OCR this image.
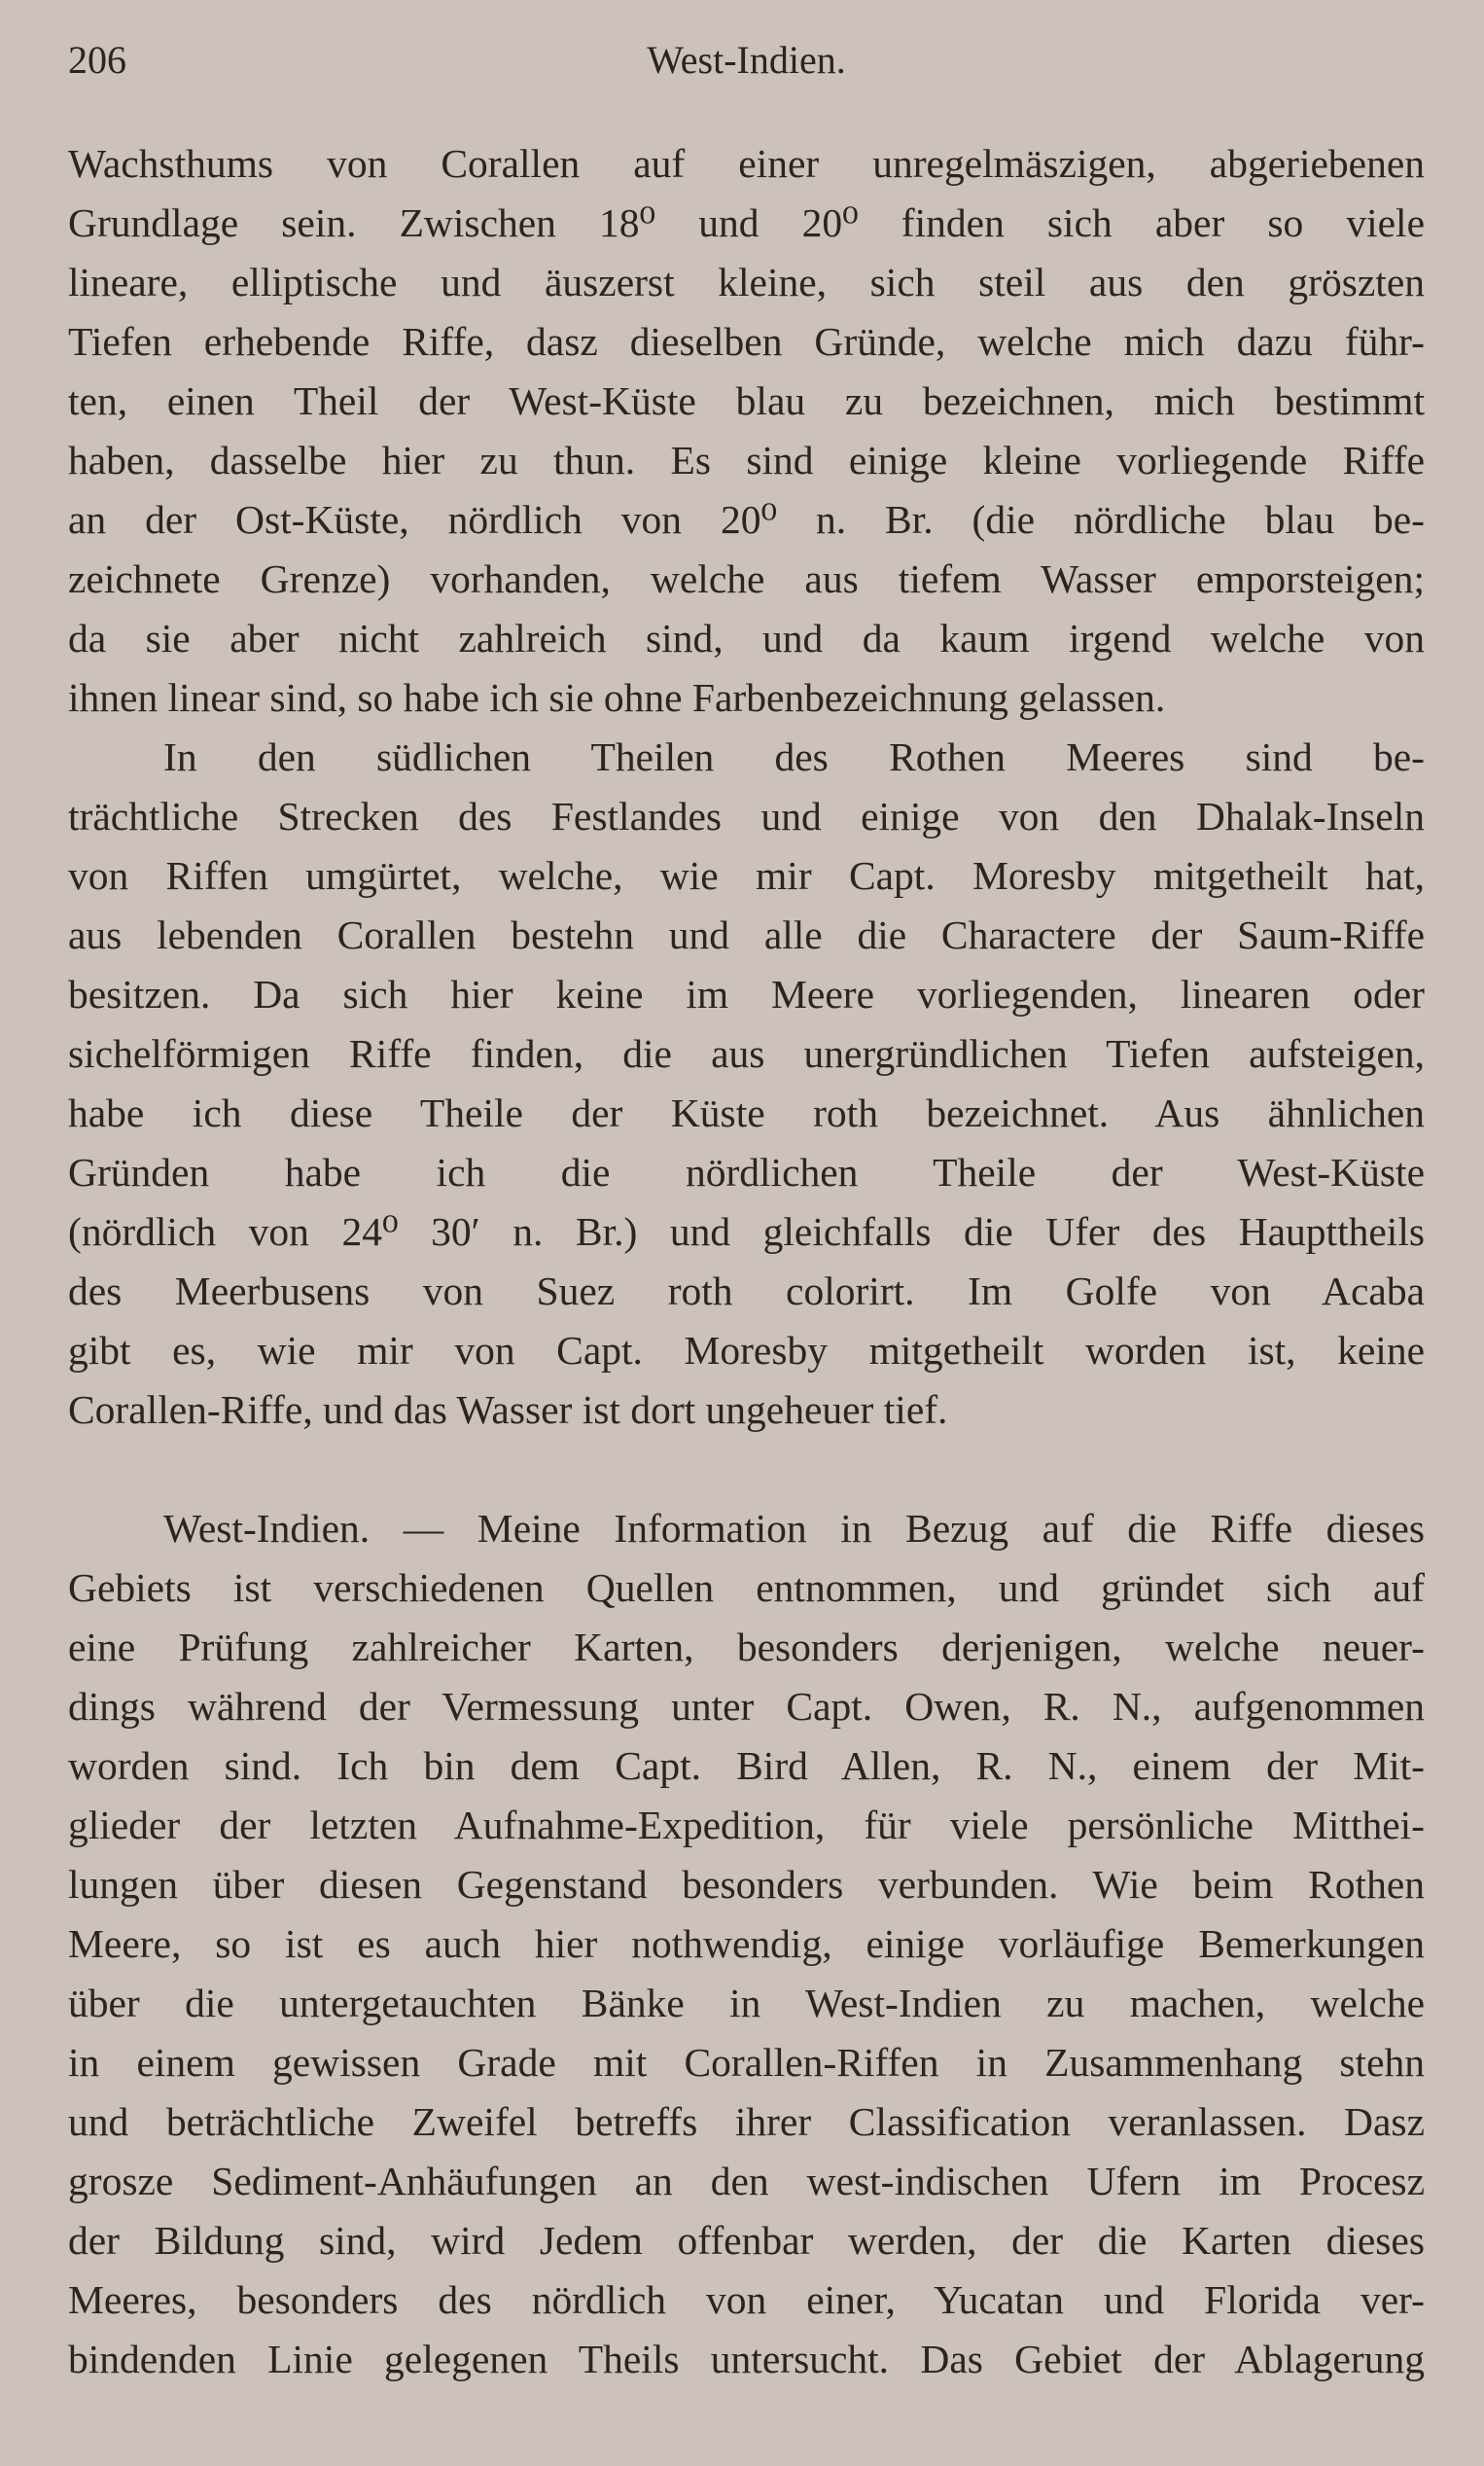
206	West-Indien.
Wachsthums von Corallen auf einer unregelmäszigen, abgeriebenen
Grundlage sein. Zwischen 18⁰ und 20⁰ finden sich aber so viele
lineare, elliptische und äuszerst kleine, sich steil aus den grӧszten
Tiefen erhebende Riffe, dasz dieselben Gründe, welche mich dazu führ-
ten, einen Theil der West-Küste blau zu bezeichnen, mich bestimmt
haben, dasselbe hier zu thun. Es sind einige kleine vorliegende Riffe
an der Ost-Küste, nördlich von 20⁰ n. Br. (die nördliche blau be-
zeichnete Grenze) vorhanden, welche aus tiefem Wasser emporsteigen;
da sie aber nicht zahlreich sind, und da kaum irgend welche von
ihnen linear sind, so habe ich sie ohne Farbenbezeichnung gelassen.
In den südlichen Theilen des Rothen Meeres sind be-
trächtliche Strecken des Festlandes und einige von den Dhalak-Inseln
von Riffen umgürtet, welche, wie mir Capt. Moresby mitgetheilt hat,
aus lebenden Corallen bestehn und alle die Charactere der Saum-Riffe
besitzen. Da sich hier keine im Meere vorliegenden, linearen oder
sichelförmigen Riffe finden, die aus unergründlichen Tiefen aufsteigen,
habe ich diese Theile der Küste roth bezeichnet. Aus ähnlichen
Gründen habe ich die nördlichen Theile der West-Küste
(nördlich von 24⁰ 30′ n. Br.) und gleichfalls die Ufer des Haupttheils
des Meerbusens von Suez roth colorirt. Im Golfe von Acaba
gibt es, wie mir von Capt. Moresby mitgetheilt worden ist, keine
Corallen-Riffe, und das Wasser ist dort ungeheuer tief.
West-Indien. — Meine Information in Bezug auf die Riffe dieses
Gebiets ist verschiedenen Quellen entnommen, und gründet sich auf
eine Prüfung zahlreicher Karten, besonders derjenigen, welche neuer-
dings während der Vermessung unter Capt. Owen, R. N., aufgenommen
worden sind. Ich bin dem Capt. Bird Allen, R. N., einem der Mit-
glieder der letzten Aufnahme-Expedition, für viele persönliche Mitthei-
lungen über diesen Gegenstand besonders verbunden. Wie beim Rothen
Meere, so ist es auch hier nothwendig, einige vorläufige Bemerkungen
über die untergetauchten Bänke in West-Indien zu machen, welche
in einem gewissen Grade mit Corallen-Riffen in Zusammenhang stehn
und beträchtliche Zweifel betreffs ihrer Classification veranlassen. Dasz
grosze Sediment-Anhäufungen an den west-indischen Ufern im Procesz
der Bildung sind, wird Jedem offenbar werden, der die Karten dieses
Meeres, besonders des nördlich von einer, Yucatan und Florida ver-
bindenden Linie gelegenen Theils untersucht. Das Gebiet der Ablagerung
